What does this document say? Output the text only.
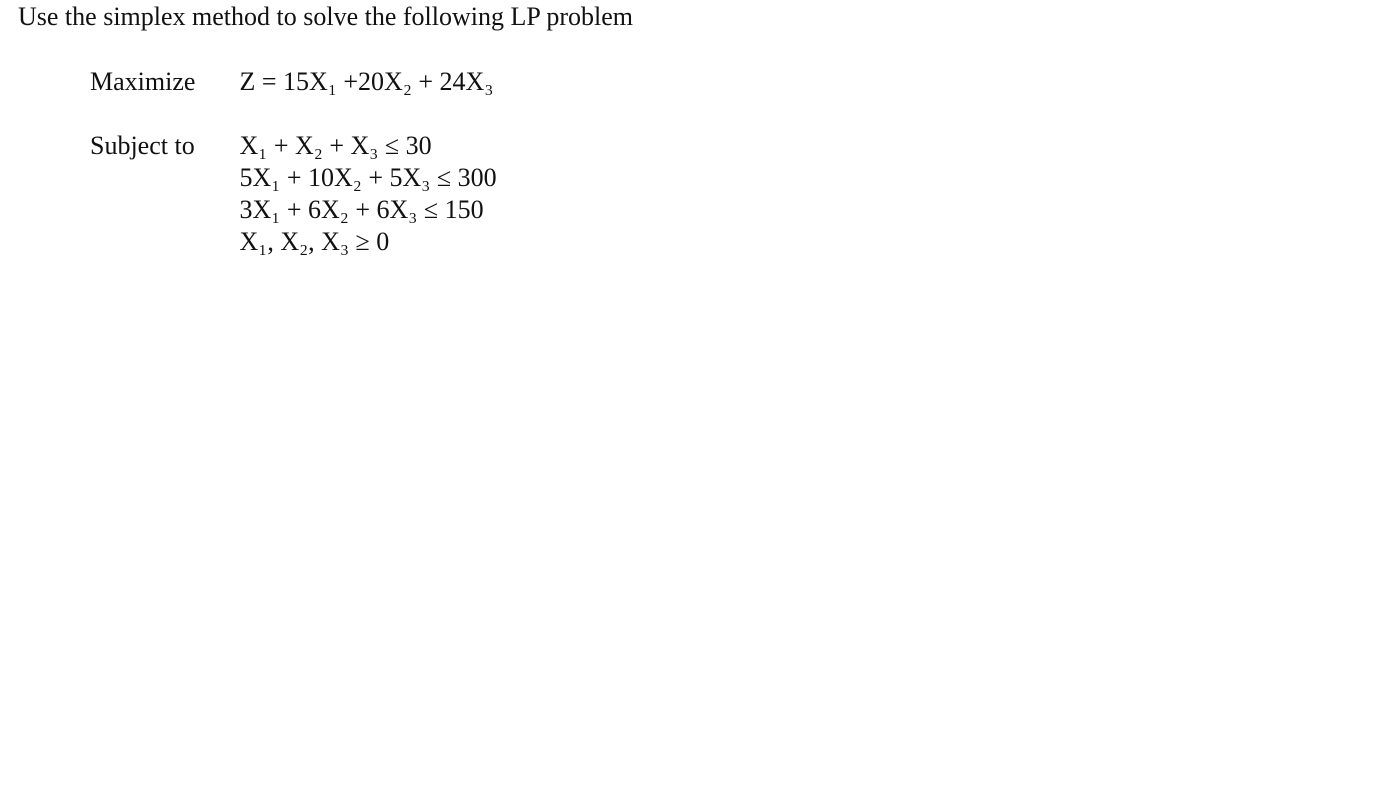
Use the simplex method to solve the following LP problem
Maximize Z = 15X₁ +20X₂ + 24X₃
Subject to X₁ + X₂ + X₃ ≤ 30
5X₁ + 10X₂ + 5X₃ ≤ 300
3X₁ + 6X₂ + 6X₃ ≤ 150
X₁, X₂, X₃ ≥ 0
